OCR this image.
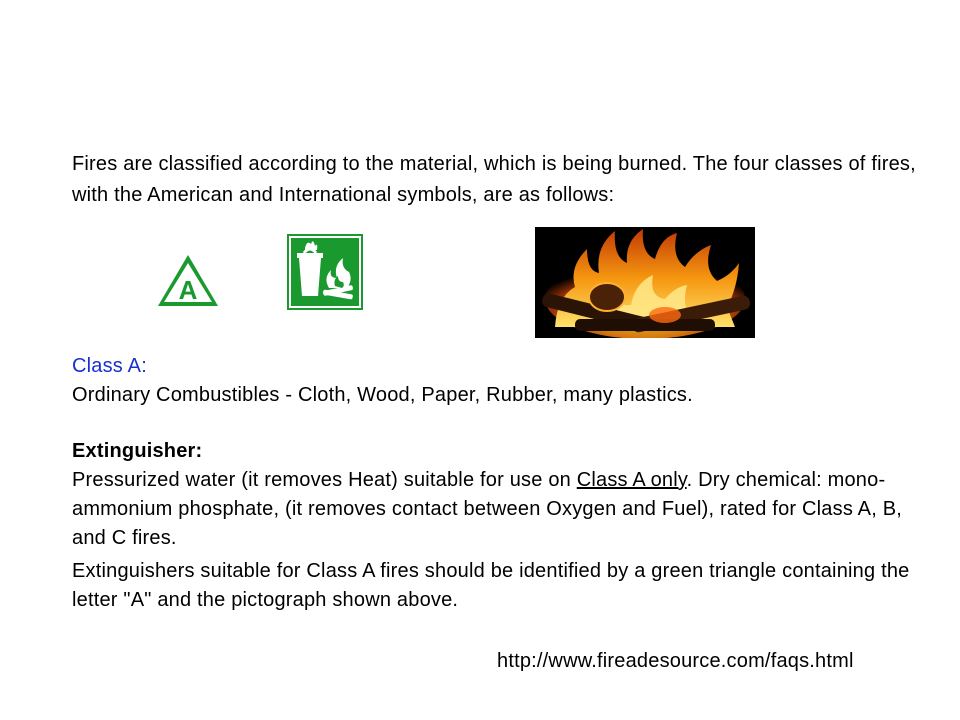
Fires are classified according to the material, which is being burned. The four classes of fires, with the American and International symbols, are as follows:
A
Class A:
Ordinary Combustibles - Cloth, Wood, Paper, Rubber, many plastics.
Extinguisher:
Pressurized water (it removes Heat) suitable for use on Class A only. Dry chemical: mono-ammonium phosphate, (it removes contact between Oxygen and Fuel), rated for Class A, B, and C fires.
Extinguishers suitable for Class A fires should be identified by a green triangle containing the letter "A" and the pictograph shown above.
http://www.fireadesource.com/faqs.html
